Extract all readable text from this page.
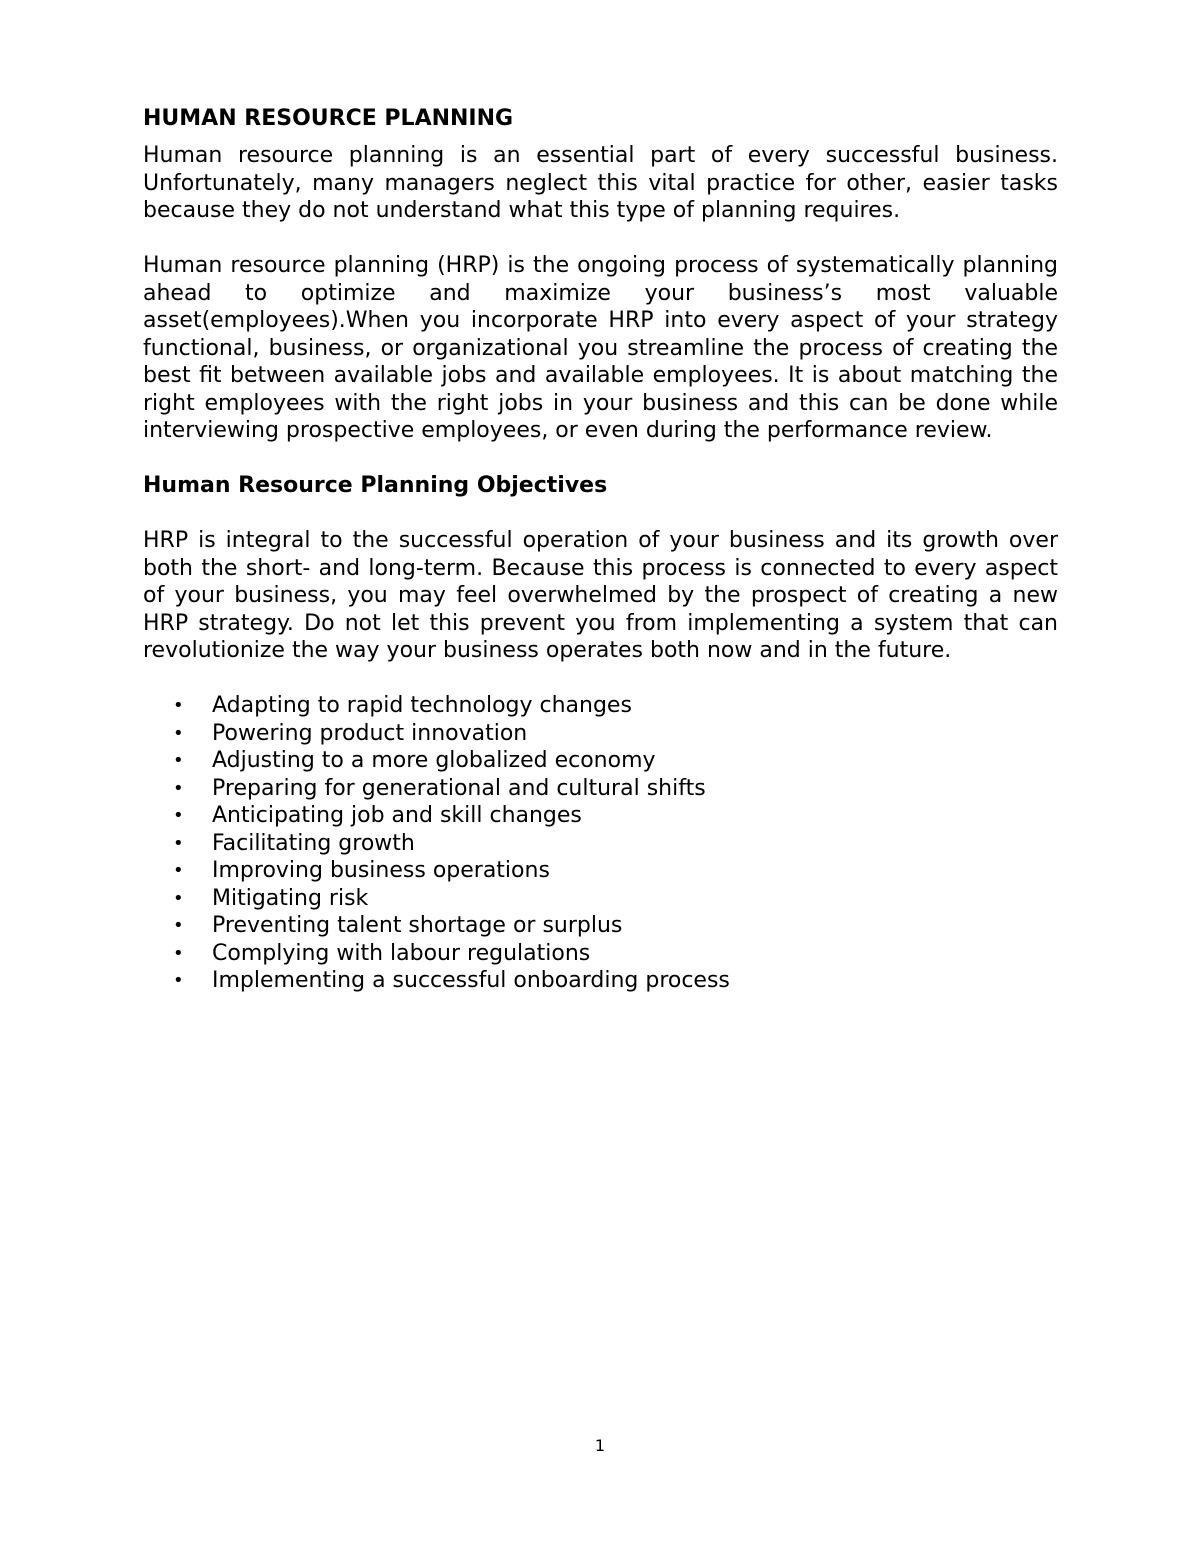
HUMAN RESOURCE PLANNING

Human resource planning is an essential part of every successful business. Unfortunately, many managers neglect this vital practice for other, easier tasks because they do not understand what this type of planning requires.

Human resource planning (HRP) is the ongoing process of systematically planning ahead to optimize and maximize your business’s most valuable asset(employees).When you incorporate HRP into every aspect of your strategy functional, business, or organizational you streamline the process of creating the best fit between available jobs and available employees. It is about matching the right employees with the right jobs in your business and this can be done while interviewing prospective employees, or even during the performance review.

Human Resource Planning Objectives

HRP is integral to the successful operation of your business and its growth over both the short- and long-term. Because this process is connected to every aspect of your business, you may feel overwhelmed by the prospect of creating a new HRP strategy. Do not let this prevent you from implementing a system that can revolutionize the way your business operates both now and in the future.

• Adapting to rapid technology changes
• Powering product innovation
• Adjusting to a more globalized economy
• Preparing for generational and cultural shifts
• Anticipating job and skill changes
• Facilitating growth
• Improving business operations
• Mitigating risk
• Preventing talent shortage or surplus
• Complying with labour regulations
• Implementing a successful onboarding process
1
